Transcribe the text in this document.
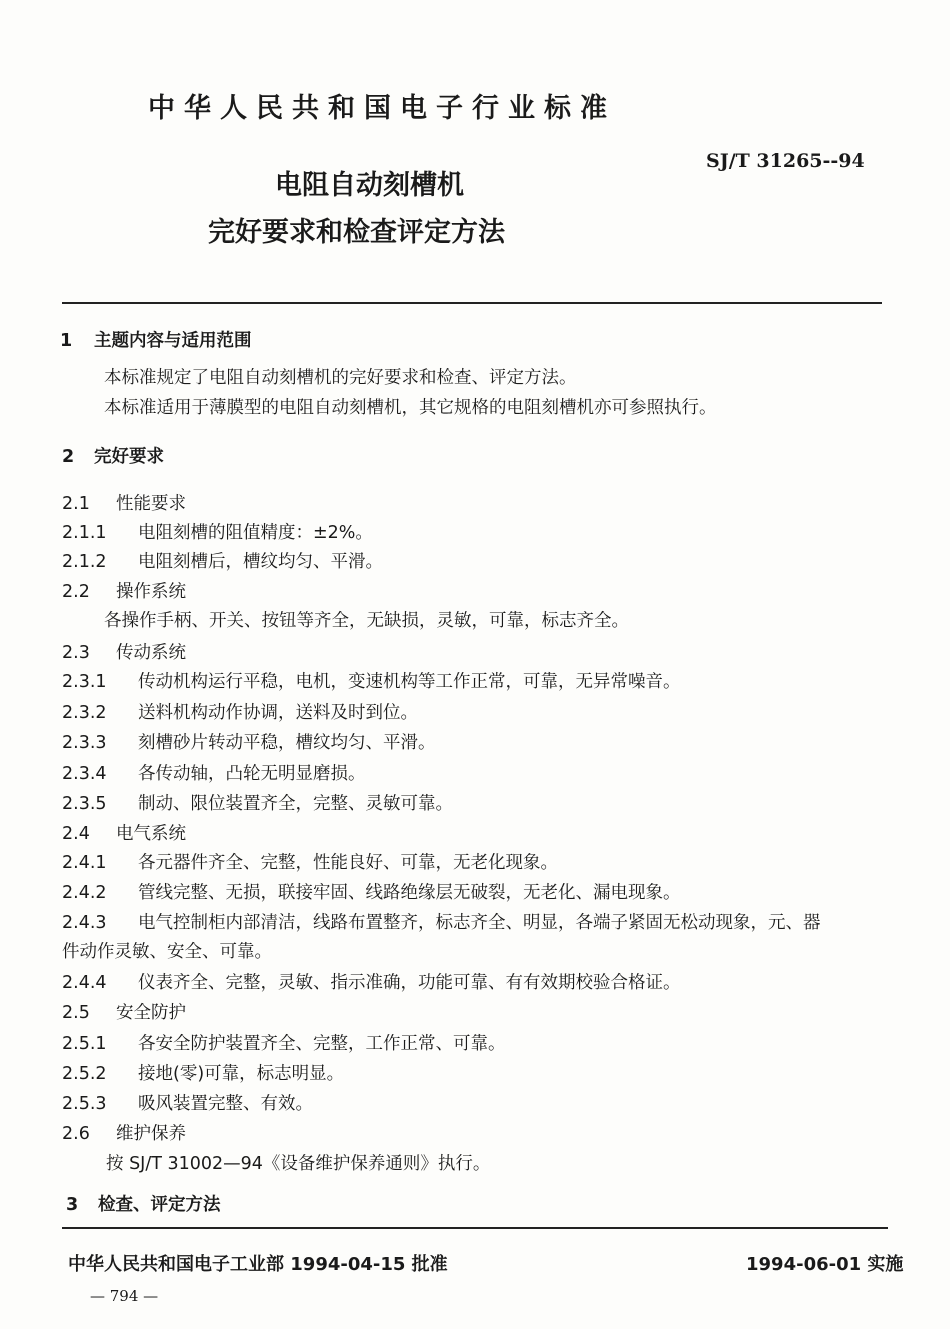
中华人民共和国电子行业标准
SJ/T 31265--94
电阻自动刻槽机
完好要求和检查评定方法
1 主题内容与适用范围
本标准规定了电阻自动刻槽机的完好要求和检查、评定方法。
本标准适用于薄膜型的电阻自动刻槽机，其它规格的电阻刻槽机亦可参照执行。
2 完好要求
2.1 性能要求
2.1.1 电阻刻槽的阻值精度：±2%。
2.1.2 电阻刻槽后，槽纹均匀、平滑。
2.2 操作系统
各操作手柄、开关、按钮等齐全，无缺损，灵敏，可靠，标志齐全。
2.3 传动系统
2.3.1 传动机构运行平稳，电机，变速机构等工作正常，可靠，无异常噪音。
2.3.2 送料机构动作协调，送料及时到位。
2.3.3 刻槽砂片转动平稳，槽纹均匀、平滑。
2.3.4 各传动轴，凸轮无明显磨损。
2.3.5 制动、限位装置齐全，完整、灵敏可靠。
2.4 电气系统
2.4.1 各元器件齐全、完整，性能良好、可靠，无老化现象。
2.4.2 管线完整、无损，联接牢固、线路绝缘层无破裂，无老化、漏电现象。
2.4.3 电气控制柜内部清洁，线路布置整齐，标志齐全、明显，各端子紧固无松动现象，元、器
件动作灵敏、安全、可靠。
2.4.4 仪表齐全、完整，灵敏、指示准确，功能可靠、有有效期校验合格证。
2.5 安全防护
2.5.1 各安全防护装置齐全、完整，工作正常、可靠。
2.5.2 接地(零)可靠，标志明显。
2.5.3 吸风装置完整、有效。
2.6 维护保养
按 SJ/T 31002—94《设备维护保养通则》执行。
3 检查、评定方法
中华人民共和国电子工业部 1994-04-15 批准	1994-06-01 实施
— 794 —
